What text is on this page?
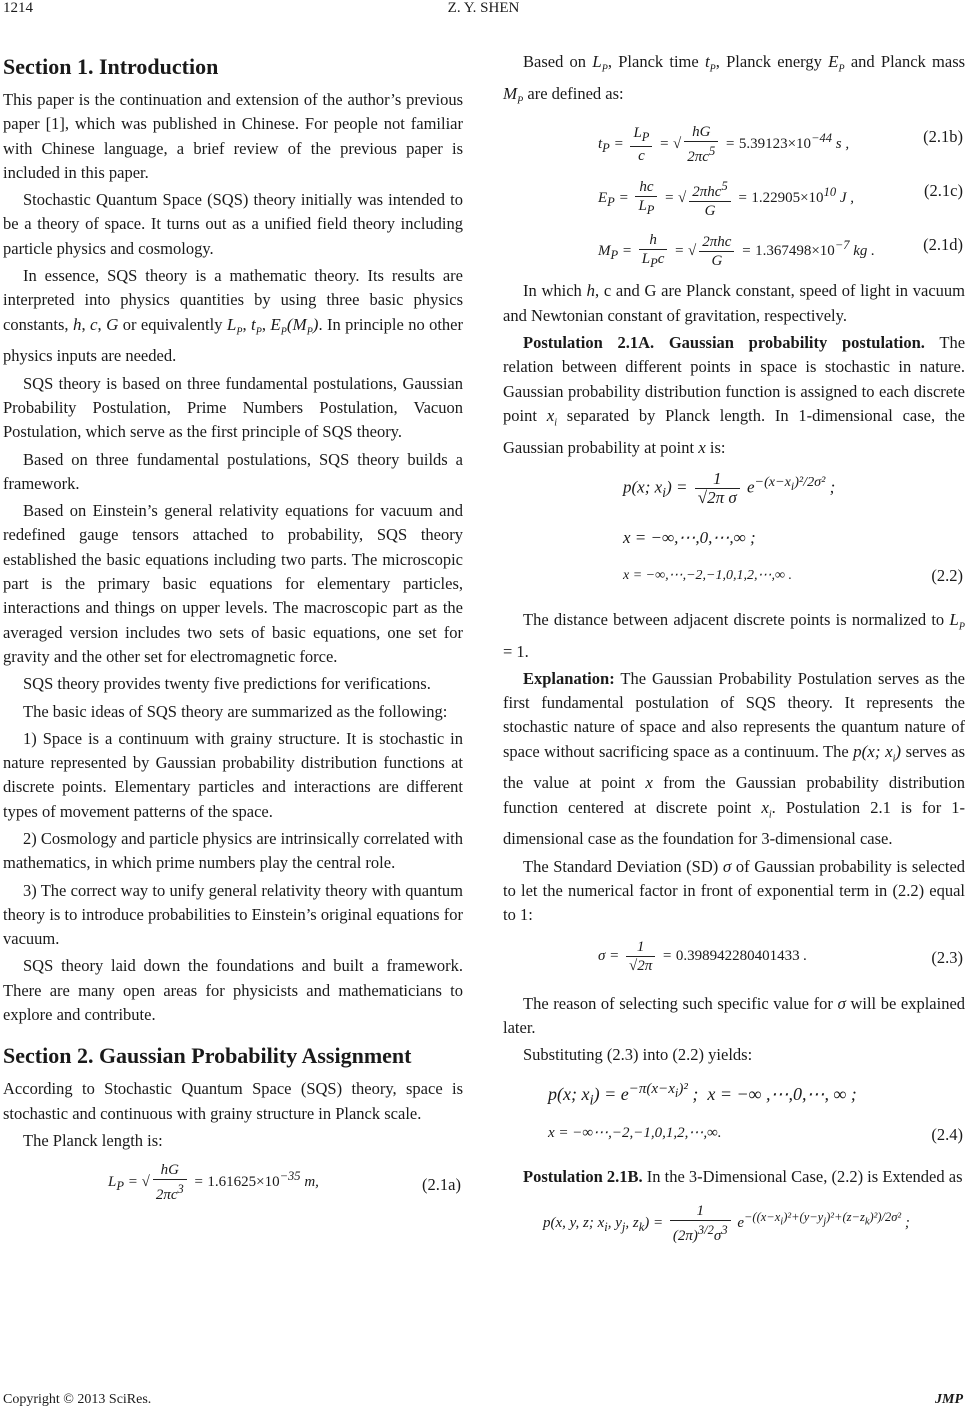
1214	Z. Y. SHEN
Section 1. Introduction

This paper is the continuation and extension of the author’s previous paper [1], which was published in Chinese. For people not familiar with Chinese language, a brief review of the previous paper is included in this paper.

Stochastic Quantum Space (SQS) theory initially was intended to be a theory of space. It turns out as a unified field theory including particle physics and cosmology.

In essence, SQS theory is a mathematic theory. Its results are interpreted into physics quantities by using three basic physics constants, h, c, G or equivalently $L_P$, $t_P$, $E_P(M_P)$. In principle no other physics inputs are needed.

SQS theory is based on three fundamental postulations, Gaussian Probability Postulation, Prime Numbers Postulation, Vacuon Postulation, which serve as the first principle of SQS theory.

Based on three fundamental postulations, SQS theory builds a framework.

Based on Einstein’s general relativity equations for vacuum and redefined gauge tensors attached to probability, SQS theory established the basic equations including two parts. The microscopic part is the primary basic equations for elementary particles, interactions and things on upper levels. The macroscopic part as the averaged version includes two sets of basic equations, one set for gravity and the other set for electromagnetic force.

SQS theory provides twenty five predictions for verifications.

The basic ideas of SQS theory are summarized as the following:

1) Space is a continuum with grainy structure. It is stochastic in nature represented by Gaussian probability distribution functions at discrete points. Elementary particles and interactions are different types of movement patterns of the space.

2) Cosmology and particle physics are intrinsically correlated with mathematics, in which prime numbers play the central role.

3) The correct way to unify general relativity theory with quantum theory is to introduce probabilities to Einstein’s original equations for vacuum.

SQS theory laid down the foundations and built a framework. There are many open areas for physicists and mathematicians to explore and contribute.

Section 2. Gaussian Probability Assignment

According to Stochastic Quantum Space (SQS) theory, space is stochastic and continuous with grainy structure in Planck scale.

The Planck length is:

$L_P$ = √ $\frac{hG}{2\pi c^3} = 1.61625\times 10^{-35}$ m,	(2.1a)

Based on $L_P$, Planck time $t_P$, Planck energy $E_P$ and Planck mass $M_P$ are defined as:

$t_P = \frac{L_P}{c}$ = √ $\frac{hG}{2\pi c^5} = 5.39123\times 10^{-44}$ s ,	(2.1b)
$E_P = \frac{hc}{L_P}$ = √ $\frac{2\pi hc^5}{G} = 1.22905\times 10^{10}$ J ,	(2.1c)
$M_P = \frac{h}{L_Pc}$ = √ $\frac{\text{2πhc}}{G} = 1.367498\times 10^{-7}$ kg .	(2.1d)

In which h, c and G are Planck constant, speed of light in vacuum and Newtonian constant of gravitation, respectively.

Postulation 2.1A. Gaussian probability postulation. The relation between different points in space is stochastic in nature. Gaussian probability distribution function is assigned to each discrete point $x_i$ separated by Planck length. In 1-dimensional case, the Gaussian probability at point x is:

p(x; $x_i) = \frac{1}{\text{√2π σ}} e^{-(x-x_i)^2/2\sigma^2}$ ;
x = −∞,⋯,0,⋯,∞ ;
x = −∞,⋯,−2,−1,0,1,2,⋯,∞ .	(2.2)

The distance between adjacent discrete points is normalized to $L_P = 1$.

Explanation: The Gaussian Probability Postulation serves as the first fundamental postulation of SQS theory. It represents the stochastic nature of space and also represents the quantum nature of space without sacrificing space as a continuum. The p(x; $x_i$) serves as the value at point x from the Gaussian probability distribution function centered at discrete point $x_i$. Postulation 2.1 is for 1-dimensional case as the foundation for 3-dimensional case.

The Standard Deviation (SD) σ of Gaussian probability is selected to let the numerical factor in front of exponential term in (2.2) equal to 1:

$\sigma = \frac{1}{√2\pi} = 0.398942280401433$ .	(2.3)

The reason of selecting such specific value for σ will be explained later.

Substituting (2.3) into (2.2) yields:

p(x; $x_i) = e^{-\pi(x-x_i)^2}$ ;  x = −∞ ,⋯,0,⋯, ∞ ;
x = −∞⋯,−2,−1,0,1,2,⋯,∞.	(2.4)

Postulation 2.1B. In the 3-Dimensional Case, (2.2) is Extended as

p(x, y, z; $x_i$, $y_j$, $z_k) = \frac{1}{(2\pi)^{3/2}\sigma^3} e^{-((x-x_i)^2+(y-y_j)^2+(z-z_k)^2)/2\sigma^2}$ ;
Copyright © 2013 SciRes.	JMP
